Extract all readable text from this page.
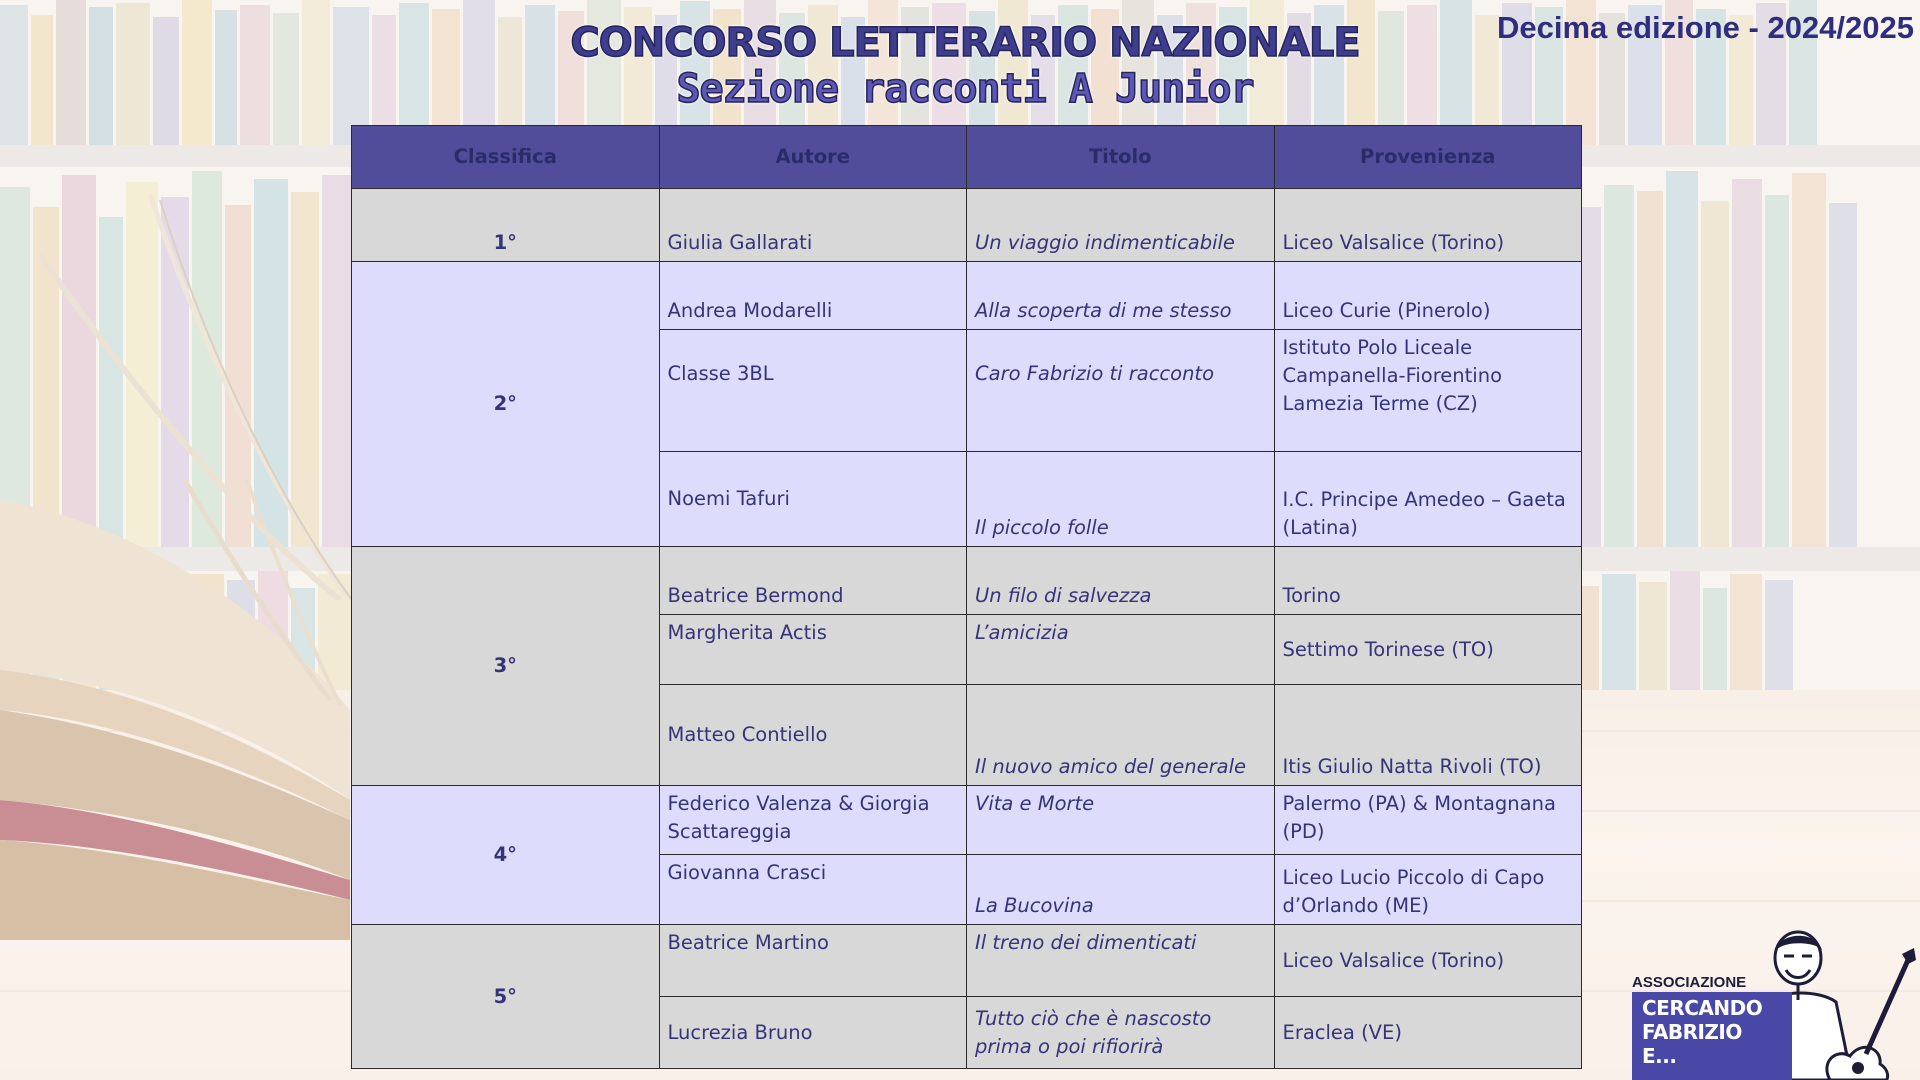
CONCORSO LETTERARIO NAZIONALE
Sezione racconti A Junior
Decima edizione - 2024/2025
Classifica	Autore	Titolo	Provenienza
1°	Giulia Gallarati	Un viaggio indimenticabile	Liceo Valsalice (Torino)
2°	Andrea Modarelli	Alla scoperta di me stesso	Liceo Curie (Pinerolo)
	Classe 3BL	Caro Fabrizio ti racconto	Istituto Polo Liceale Campanella-Fiorentino Lamezia Terme (CZ)
	Noemi Tafuri	Il piccolo folle	I.C. Principe Amedeo – Gaeta (Latina)
3°	Beatrice Bermond	Un filo di salvezza	Torino
	Margherita Actis	L’amicizia	Settimo Torinese (TO)
	Matteo Contiello	Il nuovo amico del generale	Itis Giulio Natta Rivoli (TO)
4°	Federico Valenza & Giorgia Scattareggia	Vita e Morte	Palermo (PA) & Montagnana (PD)
	Giovanna Crasci	La Bucovina	Liceo Lucio Piccolo di Capo d’Orlando (ME)
5°	Beatrice Martino	Il treno dei dimenticati	Liceo Valsalice (Torino)
	Lucrezia Bruno	Tutto ciò che è nascosto prima o poi rifiorirà	Eraclea (VE)
ASSOCIAZIONE
CERCANDO
FABRIZIO
E...
